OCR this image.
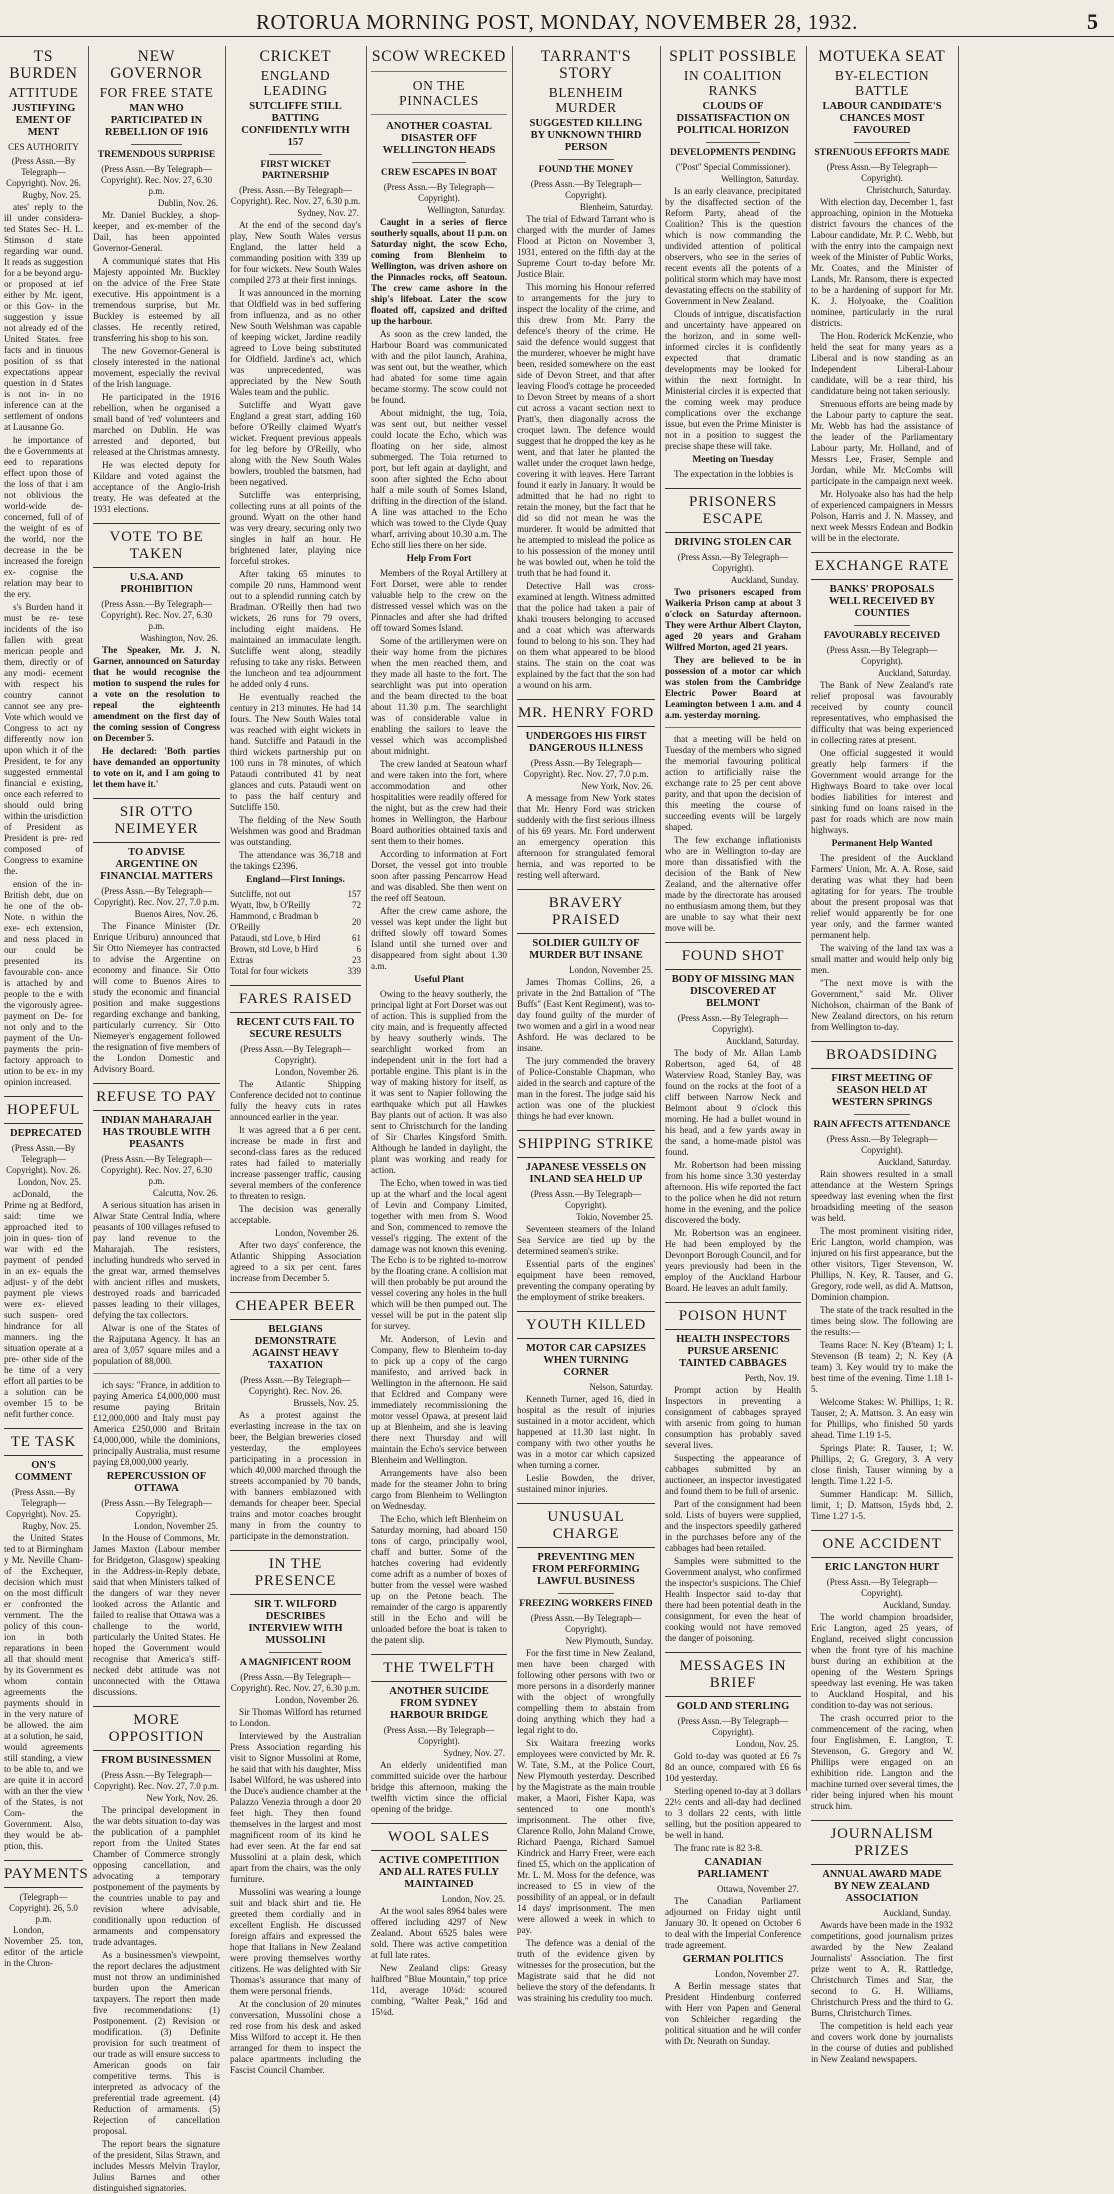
ROTORUA MORNING POST, MONDAY, NOVEMBER 28, 1932.	5
TS BURDEN
ATTITUDE
JUSTIFYING EMENT OF MENT
CES AUTHORITY
(Press Assn.—By Telegraph—Copyright). Nov. 26.
Rugby, Nov. 25.

ates' reply to the ill under considera- ted States Sec- H. L. Stimson d state regarding war ound. It reads as suggestion for a be beyond argu- or proposed at ief either by Mr. igent, or this Gov- in the suggestion y issue not already ed of the United States. free facts and in tinuous position of ss that expectations appear question in d States is not in- in no inference can at the settlement of ondons at Lausanne Go.

he importance of the e Governments at eed to reparations effect upon those of the loss of that i am not oblivious the world-wide de- concerned, full of of the weight of es of the world, nor the decrease in the be increased the foreign ex- cognise the relation may bear to the ery.

s's Burden hand it must be re- tese incidents of the iso fallen with great merican people and them, directly or of any modi- ecement with respect his country cannot cannot see any pre- Vote which would ve Congress to act ny differently now ion upon which it of the President, te for any suggested ernmental financial e existing, once each referred to should ould bring within the urisdiction of President as President is pre- red composed of Congress to examine the.

ension of the in- British debt, due on he one of the ob- Note. n within the exe- ech extension, and ness placed in our could be presented its favourable con- ance is attached by and people to the e with the vigorously agree- payment on De- for not only and to the payment of the Un- payments the prin- factory approach to ution to be ex- in my opinion increased.

HOPEFUL
DEPRECATED
(Press Assn.—By Telegraph—Copyright). Nov. 26.
London, Nov. 25.

acDonald, the Prime ng at Bedford, said: time we approached ited to join in ques- tion of war with ed the payment of pended in an ex- equals the adjust- y of the debt payment ple views were ex- elieved such suspen- ored hindrance for all manners. ing the situation operate at a pre- other side of the he time of a very effort all parties to be a solution can be ovember 15 to be nefit further conce.

TE TASK
ON'S COMMENT
(Press Assn.—By Telegraph—Copyright). Nov. 25.
Rugby, Nov. 25.

the United States ted to at Birmingham y Mr. Neville Cham- of the Exchequer, decision which must on the most difficult er confronted the vernment. The the policy of this coun- ion in both reparations in been all that should ment by its Government es whom contain agreements the payments should in in the very nature of be allowed. the aim at a solution, he said, would agreements still standing, a view to be able to, and we are quite it in accord with an ther the view of the States, is not Com- the Government. Also, they would be ab- ption, this.

PAYMENTS
(Telegraph—Copyright). 26, 5.0 p.m.

London, November 25. ton, editor of the article in the Chron-

NEW GOVERNOR
FOR FREE STATE
MAN WHO PARTICIPATED IN REBELLION OF 1916
TREMENDOUS SURPRISE
(Press Assn.—By Telegraph—Copyright). Rec. Nov. 27, 6.30 p.m.
Dublin, Nov. 26.

Mr. Daniel Buckley, a shop-keeper, and ex-member of the Dail, has been appointed Governor-General.

A communiqué states that His Majesty appointed Mr. Buckley on the advice of the Free State executive. His appointment is a tremendous surprise, but Mr. Buckley is esteemed by all classes. He recently retired, transferring his shop to his son.

The new Governor-General is closely interested in the national movement, especially the revival of the Irish language.

He participated in the 1916 rebellion, when he organised a small band of 'red' volunteers and marched on Dublin. He was arrested and deported, but released at the Christmas amnesty.

He was elected deputy for Kildare and voted against the acceptance of the Anglo-Irish treaty. He was defeated at the 1931 elections.

VOTE TO BE TAKEN
U.S.A. AND PROHIBITION
(Press Assn.—By Telegraph—Copyright). Rec. Nov. 27, 6.30 p.m.
Washington, Nov. 26.

The Speaker, Mr. J. N. Garner, announced on Saturday that he would recognise the motion to suspend the rules for a vote on the resolution to repeal the eighteenth amendment on the first day of the coming session of Congress on December 5.

He declared: 'Both parties have demanded an opportunity to vote on it, and I am going to let them have it.'

SIR OTTO NEIMEYER
TO ADVISE ARGENTINE ON FINANCIAL MATTERS
(Press Assn.—By Telegraph—Copyright). Rec. Nov. 27, 7.0 p.m.
Buenos Aires, Nov. 26.

The Finance Minister (Dr. Enrique Uriburu) announced that Sir Otto Niemeyer has contracted to advise the Argentine on economy and finance. Sir Otto will come to Buenos Aires to study the economic and financial position and make suggestions regarding exchange and banking, particularly currency. Sir Otto Niemeyer's engagement followed the resignation of five members of the London Domestic and Advisory Board.

REFUSE TO PAY
INDIAN MAHARAJAH HAS TROUBLE WITH PEASANTS
(Press Assn.—By Telegraph—Copyright). Rec. Nov. 27, 6.30 p.m.
Calcutta, Nov. 26.

A serious situation has arisen in Alwar State Central India, where peasants of 100 villages refused to pay land revenue to the Maharajah. The resisters, including hundreds who served in the great war, armed themselves with ancient rifles and muskets, destroyed roads and barricaded passes leading to their villages, defying the tax collectors.

Alwar is one of the States of the Rajputana Agency. It has an area of 3,057 square miles and a population of 88,000.

ich says: "France, in addition to paying America £4,000,000 must resume paying Britain £12,000,000 and Italy must pay America £250,000 and Britain £4,000,000, while the dominions, principally Australia, must resume paying £8,000,000 yearly.

REPERCUSSION OF OTTAWA
(Press Assn.—By Telegraph—Copyright).
London, November 25.

In the House of Commons, Mr. James Maxton (Labour member for Bridgeton, Glasgow) speaking in the Address-in-Reply debate, said that when Ministers talked of the dangers of war they never looked across the Atlantic and failed to realise that Ottawa was a challenge to the world, particularly the United States. He hoped the Government would recognise that America's stiff-necked debt attitude was not unconnected with the Ottawa discussions.

MORE OPPOSITION
FROM BUSINESSMEN
(Press Assn.—By Telegraph—Copyright). Rec. Nov. 27, 7.0 p.m.
New York, Nov. 26.

The principal development in the war debts situation to-day was the publication of a pamphlet report from the United States Chamber of Commerce strongly opposing cancellation, and advocating a temporary postponement of the payments by the countries unable to pay and revision where advisable, conditionally upon reduction of armaments and compensatory trade advantages.

As a businessmen's viewpoint, the report declares the adjustment must not throw an undiminished burden upon the American taxpayers. The report then made five recommendations: (1) Postponement. (2) Revision or modification. (3) Definite provision for such treatment of our trade as will ensure success to American goods on fair competitive terms. This is interpreted as advocacy of the preferential trade agreement. (4) Reduction of armaments. (5) Rejection of cancellation proposal.

The report bears the signature of the president, Silas Strawn, and includes Messrs Melvin Traylor, Julius Barnes and other distinguished signatories.

CRICKET
ENGLAND LEADING
SUTCLIFFE STILL BATTING CONFIDENTLY WITH 157
FIRST WICKET PARTNERSHIP
(Press. Assn.—By Telegraph—Copyright). Rec. Nov. 27, 6.30 p.m.
Sydney, Nov. 27.

At the end of the second day's play, New South Wales versus England, the latter held a commanding position with 339 up for four wickets. New South Wales compiled 273 at their first innings.

It was announced in the morning that Oldfield was in bed suffering from influenza, and as no other New South Welshman was capable of keeping wicket, Jardine readily agreed to Love being substituted for Oldfield. Jardine's act, which was unprecedented, was appreciated by the New South Wales team and the public.

Sutcliffe and Wyatt gave England a great start, adding 160 before O'Reilly claimed Wyatt's wicket. Frequent previous appeals for leg before by O'Reilly, who along with the New South Wales bowlers, troubled the batsmen, had been negatived.

Sutcliffe was enterprising, collecting runs at all points of the ground. Wyatt on the other hand was very dreary, securing only two singles in half an hour. He brightened later, playing nice forceful strokes.

After taking 65 minutes to compile 20 runs, Hammond went out to a splendid running catch by Bradman. O'Reilly then had two wickets, 26 runs for 79 overs, including eight maidens. He maintained an immaculate length. Sutcliffe went along, steadily refusing to take any risks. Between the luncheon and tea adjournment he added only 4 runs.

He eventually reached the century in 213 minutes. He had 14 fours. The New South Wales total was reached with eight wickets in hand. Sutcliffe and Pataudi in the third wickets partnership put on 100 runs in 78 minutes, of which Pataudi contributed 41 by neat glances and cuts. Pataudi went on to pass the half century and Sutcliffe 150.

The fielding of the New South Welshmen was good and Bradman was outstanding.

The attendance was 36,718 and the takings £2396.

England—First Innings.
Sutcliffe, not out	157
Wyatt, lbw, b O'Reilly	72
Hammond, c Bradman b O'Reilly	20
Pataudi, std Love, b Hird	61
Brown, std Love, b Hird	6
Extras	23

Total for four wickets	339
FARES RAISED
RECENT CUTS FAIL TO SECURE RESULTS
(Press Assn.—By Telegraph—Copyright).
London, November 26.

The Atlantic Shipping Conference decided not to continue fully the heavy cuts in rates announced earlier in the year.

It was agreed that a 6 per cent. increase be made in first and second-class fares as the reduced rates had failed to materially increase passenger traffic, causing several members of the conference to threaten to resign.

The decision was generally acceptable.

London, November 26.

After two days' conference, the Atlantic Shipping Association agreed to a six per cent. fares increase from December 5.

CHEAPER BEER
BELGIANS DEMONSTRATE AGAINST HEAVY TAXATION
(Press Assn.—By Telegraph—Copyright). Rec. Nov. 26.
Brussels, Nov. 25.

As a protest against the everlasting increase in the tax on beer, the Belgian breweries closed yesterday, the employees participating in a procession in which 40,000 marched through the streets accompanied by 70 bands, with banners emblazoned with demands for cheaper beer. Special trains and motor coaches brought many in from the country to participate in the demonstration.

IN THE PRESENCE
SIR T. WILFORD DESCRIBES INTERVIEW WITH MUSSOLINI
A MAGNIFICENT ROOM
(Press Assn.—By Telegraph—Copyright). Rec. Nov. 27, 6.30 p.m.
London, November 26.

Sir Thomas Wilford has returned to London.

Interviewed by the Australian Press Association regarding his visit to Signor Mussolini at Rome, he said that with his daughter, Miss Isabel Wilford, he was ushered into the Duce's audience chamber at the Palazzo Venezia through a door 20 feet high. They then found themselves in the largest and most magnificent room of its kind he had ever seen. At the far end sat Mussolini at a plain desk, which apart from the chairs, was the only furniture.

Mussolini was wearing a lounge suit and black shirt and tie. He greeted them cordially and in excellent English. He discussed foreign affairs and expressed the hope that Italians in New Zealand were proving themselves worthy citizens. He was delighted with Sir Thomas's assurance that many of them were personal friends.

At the conclusion of 20 minutes conversation, Mussolini chose a red rose from his desk and asked Miss Wilford to accept it. He then arranged for them to inspect the palace apartments including the Fascist Council Chamber.

SCOW WRECKED
ON THE PINNACLES
ANOTHER COASTAL DISASTER OFF WELLINGTON HEADS
CREW ESCAPES IN BOAT
(Press Assn.—By Telegraph—Copyright).
Wellington, Saturday.

Caught in a series of fierce southerly squalls, about 11 p.m. on Saturday night, the scow Echo, coming from Blenheim to Wellington, was driven ashore on the Pinnacles rocks, off Seatoun. The crew came ashore in the ship's lifeboat. Later the scow floated off, capsized and drifted up the harbour.

As soon as the crew landed, the Harbour Board was communicated with and the pilot launch, Arahina, was sent out, but the weather, which had abated for some time again became stormy. The scow could not be found.

About midnight, the tug, Toia, was sent out, but neither vessel could locate the Echo, which was floating on her side, almost submerged. The Toia returned to port, but left again at daylight, and soon after sighted the Echo about half a mile south of Somes Island, drifting in the direction of the island. A line was attached to the Echo which was towed to the Clyde Quay wharf, arriving about 10.30 a.m. The Echo still lies there on her side.

Help From Fort

Members of the Royal Artillery at Fort Dorset, were able to render valuable help to the crew on the distressed vessel which was on the Pinnacles and after she had drifted off toward Somes Island.

Some of the artillerymen were on their way home from the pictures when the men reached them, and they made all haste to the fort. The searchlight was put into operation and the beam directed to the boat about 11.30 p.m. The searchlight was of considerable value in enabling the sailors to leave the vessel which was accomplished about midnight.

The crew landed at Seatoun wharf and were taken into the fort, where accommodation and other hospitalities were readily offered for the night, but as the crew had their homes in Wellington, the Harbour Board authorities obtained taxis and sent them to their homes.

According to information at Fort Dorset, the vessel got into trouble soon after passing Pencarrow Head and was disabled. She then went on the reef off Seatoun.

After the crew came ashore, the vessel was kept under the light but drifted slowly off toward Somes Island until she turned over and disappeared from sight about 1.30 a.m.

Useful Plant

Owing to the heavy southerly, the principal light at Fort Dorset was out of action. This is supplied from the city main, and is frequently affected by heavy southerly winds. The searchlight worked from an independent unit in the fort had a portable engine. This plant is in the way of making history for itself, as it was sent to Napier following the earthquake which put all Hawkes Bay plants out of action. It was also sent to Christchurch for the landing of Sir Charles Kingsford Smith. Although he landed in daylight, the plant was working and ready for action.

The Echo, when towed in was tied up at the wharf and the local agent of Levin and Company Limited, together with men from S. Wood and Son, commenced to remove the vessel's rigging. The extent of the damage was not known this evening. The Echo is to be righted to-morrow by the floating crane. A collision mat will then probably be put around the vessel covering any holes in the hull which will be then pumped out. The vessel will be put in the patent slip for survey.

Mr. Anderson, of Levin and Company, flew to Blenheim to-day to pick up a copy of the cargo manifesto, and arrived back in Wellington in the afternoon. He said that Ecldred and Company were immediately recommissioning the motor vessel Opawa, at present laid up at Blenheim, and she is leaving there next Thursday and will maintain the Echo's service between Blenheim and Wellington.

Arrangements have also been made for the steamer John to bring cargo from Blenheim to Wellington on Wednesday.

The Echo, which left Blenheim on Saturday morning, had aboard 150 tons of cargo, principally wool, chaff and butter. Some of the hatches covering had evidently come adrift as a number of boxes of butter from the vessel were washed up on the Petone beach. The remainder of the cargo is apparently still in the Echo and will be unloaded before the boat is taken to the patent slip.

THE TWELFTH
ANOTHER SUICIDE FROM SYDNEY HARBOUR BRIDGE
(Press Assn.—By Telegraph—Copyright).
Sydney, Nov. 27.

An elderly unidentified man committed suicide over the harbour bridge this afternoon, making the twelfth victim since the official opening of the bridge.

WOOL SALES
ACTIVE COMPETITION AND ALL RATES FULLY MAINTAINED
London, Nov. 25.

At the wool sales 8964 bales were offered including 4297 of New Zealand. About 6525 bales were sold. There was active competition at full late rates.

New Zealand clips: Greasy halfbred "Blue Mountain," top price 11d, average 10¼d: scoured combing, "Walter Peak," 16d and 15¼d.

TARRANT'S STORY
BLENHEIM MURDER
SUGGESTED KILLING BY UNKNOWN THIRD PERSON
FOUND THE MONEY
(Press Assn.—By Telegraph—Copyright).
Blenheim, Saturday.

The trial of Edward Tarrant who is charged with the murder of James Flood at Picton on November 3, 1931, entered on the fifth day at the Supreme Court to-day before Mr. Justice Blair.

This morning his Honour referred to arrangements for the jury to inspect the locality of the crime, and this drew from Mr. Parry the defence's theory of the crime. He said the defence would suggest that the murderer, whoever he might have been, resided somewhere on the east side of Devon Street, and that after leaving Flood's cottage he proceeded to Devon Street by means of a short cut across a vacant section next to Pratt's, then diagonally across the croquet lawn. The defence would suggest that he dropped the key as he went, and that later he planted the wallet under the croquet lawn hedge, covering it with leaves. Here Tarrant found it early in January. It would be admitted that he had no right to retain the money, but the fact that he did so did not mean he was the murderer. It would be admitted that he attempted to mislead the police as to his possession of the money until he was bowled out, when he told the truth that he had found it.

Detective Hall was cross-examined at length. Witness admitted that the police had taken a pair of khaki trousers belonging to accused and a coat which was afterwards found to belong to his son. They had on them what appeared to be blood stains. The stain on the coat was explained by the fact that the son had a wound on his arm.

MR. HENRY FORD
UNDERGOES HIS FIRST DANGEROUS ILLNESS
(Press Assn.—By Telegraph—Copyright). Rec. Nov. 27, 7.0 p.m.
New York, Nov. 26.

A message from New York states that Mr. Henry Ford was stricken suddenly with the first serious illness of his 69 years. Mr. Ford underwent an emergency operation this afternoon for strangulated femoral hernia, and was reported to be resting well afterward.

BRAVERY PRAISED
SOLDIER GUILTY OF MURDER BUT INSANE
London, November 25.

James Thomas Collins, 26, a private in the 2nd Battalion of "The Buffs" (East Kent Regiment), was to-day found guilty of the murder of two women and a girl in a wood near Ashford. He was declared to be insane.

The jury commended the bravery of Police-Constable Chapman, who aided in the search and capture of the man in the forest. The judge said his action was one of the pluckiest things he had ever known.

SHIPPING STRIKE
JAPANESE VESSELS ON INLAND SEA HELD UP
(Press Assn.—By Telegraph—Copyright).
Tokio, November 25.

Seventeen steamers of the Inland Sea Service are tied up by the determined seamen's strike.

Essential parts of the engines' equipment have been removed, preventing the company operating by the employment of strike breakers.

YOUTH KILLED
MOTOR CAR CAPSIZES WHEN TURNING CORNER
Nelson, Saturday.

Kenneth Turner, aged 16, died in hospital as the result of injuries sustained in a motor accident, which happened at 11.30 last night. In company with two other youths he was in a motor car which capsized when turning a corner.

Leslie Bowden, the driver, sustained minor injuries.

UNUSUAL CHARGE
PREVENTING MEN FROM PERFORMING LAWFUL BUSINESS
FREEZING WORKERS FINED
(Press Assn.—By Telegraph—Copyright).
New Plymouth, Sunday.

For the first time in New Zealand, men have been charged with following other persons with two or more persons in a disorderly manner with the object of wrongfully compelling them to abstain from doing anything which they had a legal right to do.

Six Waitara freezing works employees were convicted by Mr. R. W. Tate, S.M., at the Police Court, New Plymouth yesterday. Described by the Magistrate as the main trouble maker, a Maori, Fisher Kapa, was sentenced to one month's imprisonment. The other five, Clarence Rollo, John Maland Crowe, Richard Paenga, Richard Samuel Kindrick and Harry Freer, were each fined £5, which on the application of Mr. L. M. Moss for the defence, was increased to £5 in view of the possibility of an appeal, or in default 14 days' imprisonment. The men were allowed a week in which to pay.

The defence was a denial of the truth of the evidence given by witnesses for the prosecution, but the Magistrate said that he did not believe the story of the defendants. It was straining his credulity too much.

SPLIT POSSIBLE
IN COALITION RANKS
CLOUDS OF DISSATISFACTION ON POLITICAL HORIZON
DEVELOPMENTS PENDING
("Post" Special Commissioner).
Wellington, Saturday.

Is an early cleavance, precipitated by the disaffected section of the Reform Party, ahead of the Coalition? This is the question which is now commanding the undivided attention of political observers, who see in the series of recent events all the potents of a political storm which may have most devastating effects on the stability of Government in New Zealand.

Clouds of intrigue, discatisfaction and uncertainty have appeared on the horizon, and in some well-informed circles it is confidently expected that dramatic developments may be looked for within the next fortnight. In Ministerial circles it is expected that the coming week may produce complications over the exchange issue, but even the Prime Minister is not in a position to suggest the precise shape these will take.

Meeting on Tuesday

The expectation in the lobbies is

PRISONERS ESCAPE
DRIVING STOLEN CAR
(Press Assn.—By Telegraph—Copyright).
Auckland, Sunday.

Two prisoners escaped from Waikeria Prison camp at about 3 o'clock on Saturday afternoon. They were Arthur Albert Clayton, aged 20 years and Graham Wilfred Morton, aged 21 years.

They are believed to be in possession of a motor car which was stolen from the Cambridge Electric Power Board at Leamington between 1 a.m. and 4 a.m. yesterday morning.

that a meeting will be held on Tuesday of the members who signed the memorial favouring political action to artificially raise the exchange rate to 25 per cent above parity, and that upon the decision of this meeting the course of succeeding events will be largely shaped.

The few exchange inflationists who are in Wellington to-day are more than dissatisfied with the decision of the Bank of New Zealand, and the alternative offer made by the directorate has aroused no enthusiasm among them, but they are unable to say what their next move will be.

FOUND SHOT
BODY OF MISSING MAN DISCOVERED AT BELMONT
(Press Assn.—By Telegraph—Copyright).
Auckland, Saturday.

The body of Mr. Allan Lamb Robertson, aged 64, of 48 Waterview Road, Stanley Bay, was found on the rocks at the foot of a cliff between Narrow Neck and Belmont about 9 o'clock this morning. He had a bullet wound in his head, and a few yards away in the sand, a home-made pistol was found.

Mr. Robertson had been missing from his home since 3.30 yesterday afternoon. His wife reported the fact to the police when he did not return home in the evening, and the police discovered the body.

Mr. Robertson was an engineer. He had been employed by the Devonport Borough Council, and for years previously had been in the employ of the Auckland Harbour Board. He leaves an adult family.

POISON HUNT
HEALTH INSPECTORS PURSUE ARSENIC TAINTED CABBAGES
Perth, Nov. 19.

Prompt action by Health Inspectors in preventing a consignment of cabbages sprayed with arsenic from going to human consumption has probably saved several lives.

Suspecting the appearance of cabbages submitted by an auctioneer, an inspector investigated and found them to be full of arsenic.

Part of the consignment had been sold. Lists of buyers were supplied, and the inspectors speedily gathered in the purchases before any of the cabbages had been retailed.

Samples were submitted to the Government analyst, who confirmed the inspector's suspicions. The Chief Health Inspector said to-day that there had been potential death in the consignment, for even the heat of cooking would not have removed the danger of poisoning.

MESSAGES IN BRIEF
GOLD AND STERLING
(Press Assn.—By Telegraph—Copyright).
London, Nov. 25.

Gold to-day was quoted at £6 7s 8d an ounce, compared with £6 6s 10d yesterday.

Sterling opened to-day at 3 dollars 22½ cents and all-day had declined to 3 dollars 22 cents, with little selling, but the position appeared to be well in hand.

The franc rate is 82 3-8.

CANADIAN PARLIAMENT
Ottawa, November 27.

The Canadian Parliament adjourned on Friday night until January 30. It opened on October 6 to deal with the Imperial Conference trade agreement.

GERMAN POLITICS
London, November 27.

A Berlin message states that President Hindenburg conferred with Herr von Papen and General von Schleicher regarding the political situation and he will confer with Dr. Neurath on Sunday.

MOTUEKA SEAT
BY-ELECTION BATTLE
LABOUR CANDIDATE'S CHANCES MOST FAVOURED
STRENUOUS EFFORTS MADE
(Press Assn.—By Telegraph—Copyright).
Christchurch, Saturday.

With election day, December 1, fast approaching, opinion in the Motueka district favours the chances of the Labour candidate, Mr. P. C. Webb, but with the entry into the campaign next week of the Minister of Public Works, Mr. Coates, and the Minister of Lands, Mr. Ransom, there is expected to be a hardening of support for Mr. K. J. Holyoake, the Coalition nominee, particularly in the rural districts.

The Hon. Roderick McKenzie, who held the seat for many years as a Liberal and is now standing as an Independent Liberal-Labour candidate, will be a rear third, his candidature being not taken seriously.

Strenuous efforts are being made by the Labour party to capture the seat. Mr. Webb has had the assistance of the leader of the Parliamentary Labour party, Mr. Holland, and of Messrs Lee, Fraser, Semple and Jordan, while Mr. McCombs will participate in the campaign next week.

Mr. Holyoake also has had the help of experienced campaigners in Messrs Polson, Harris and J. N. Massey, and next week Messrs Endean and Bodkin will be in the electorate.

EXCHANGE RATE
BANKS' PROPOSALS WELL RECEIVED BY COUNTIES
FAVOURABLY RECEIVED
(Press Assn.—By Telegraph—Copyright).
Auckland, Saturday.

The Bank of New Zealand's rate relief proposal was favourably received by county council representatives, who emphasised the difficulty that was being experienced in collecting rates at present.

One official suggested it would greatly help farmers if the Government would arrange for the Highways Board to take over local bodies liabilities for interest and sinking fund on loans raised in the past for roads which are now main highways.

Permanent Help Wanted

The president of the Auckland Farmers' Union, Mr. A. A. Rose, said derating was what they had been agitating for for years. The trouble about the present proposal was that relief would apparently be for one year only, and the farmer wanted permanent help.

The waiving of the land tax was a small matter and would help only big men.

"The next move is with the Government," said Mr. Oliver Nicholson, chairman of the Bank of New Zealand directors, on his return from Wellington to-day.

BROADSIDING
FIRST MEETING OF SEASON HELD AT WESTERN SPRINGS
RAIN AFFECTS ATTENDANCE
(Press Assn.—By Telegraph—Copyright).
Auckland, Saturday.

Rain showers resulted in a small attendance at the Western Springs speedway last evening when the first broadsiding meeting of the season was held.

The most prominent visiting rider, Eric Langton, world champion, was injured on his first appearance, but the other visitors, Tiger Stevenson, W. Phillips, N. Key, R. Tauser, and G. Gregory, rode well, as did A. Mattson, Dominion champion.

The state of the track resulted in the times being slow. The following are the results:—

Teams Race: N. Key (B'team) 1; I. Stevenson (B team) 2; N. Key (A team) 3. Key would try to make the best time of the evening. Time 1.18 1-5.

Welcome Stakes: W. Phillips, 1; R. Tauser, 2; A. Mattson. 3. An easy win for Phillips, who finished 50 yards ahead. Time 1.19 1-5.

Springs Plate: R. Tauser, 1; W. Phillips, 2; G. Gregory, 3. A very close finish, Tauser winning by a length. Time 1.22 1-5.

Summer Handicap: M. Sillich, limit, 1; D. Mattson, 15yds hbd, 2. Time 1.27 1-5.

ONE ACCIDENT
ERIC LANGTON HURT
(Press Assn.—By Telegraph—Copyright).
Auckland, Sunday.

The world champion broadsider, Eric Langton, aged 25 years, of England, received slight concussion when the front tyre of his machine burst during an exhibition at the opening of the Western Springs speedway last evening. He was taken to Auckland Hospital, and his condition to-day was not serious.

The crash occurred prior to the commencement of the racing, when four Englishmen, E. Langton, T. Stevenson, G. Gregory and W. Phillips were engaged on an exhibition ride. Langton and the machine turned over several times, the rider being injured when his mount struck him.

JOURNALISM PRIZES
ANNUAL AWARD MADE BY NEW ZEALAND ASSOCIATION
Auckland, Sunday.

Awards have been made in the 1932 competitions, good journalism prizes awarded by the New Zealand Journalists' Association. The first prize went to A. R. Rattledge, Christchurch Times and Star, the second to G. H. Williams, Christchurch Press and the third to G. Burns, Christchurch Times.

The competition is held each year and covers work done by journalists in the course of duties and published in New Zealand newspapers.
